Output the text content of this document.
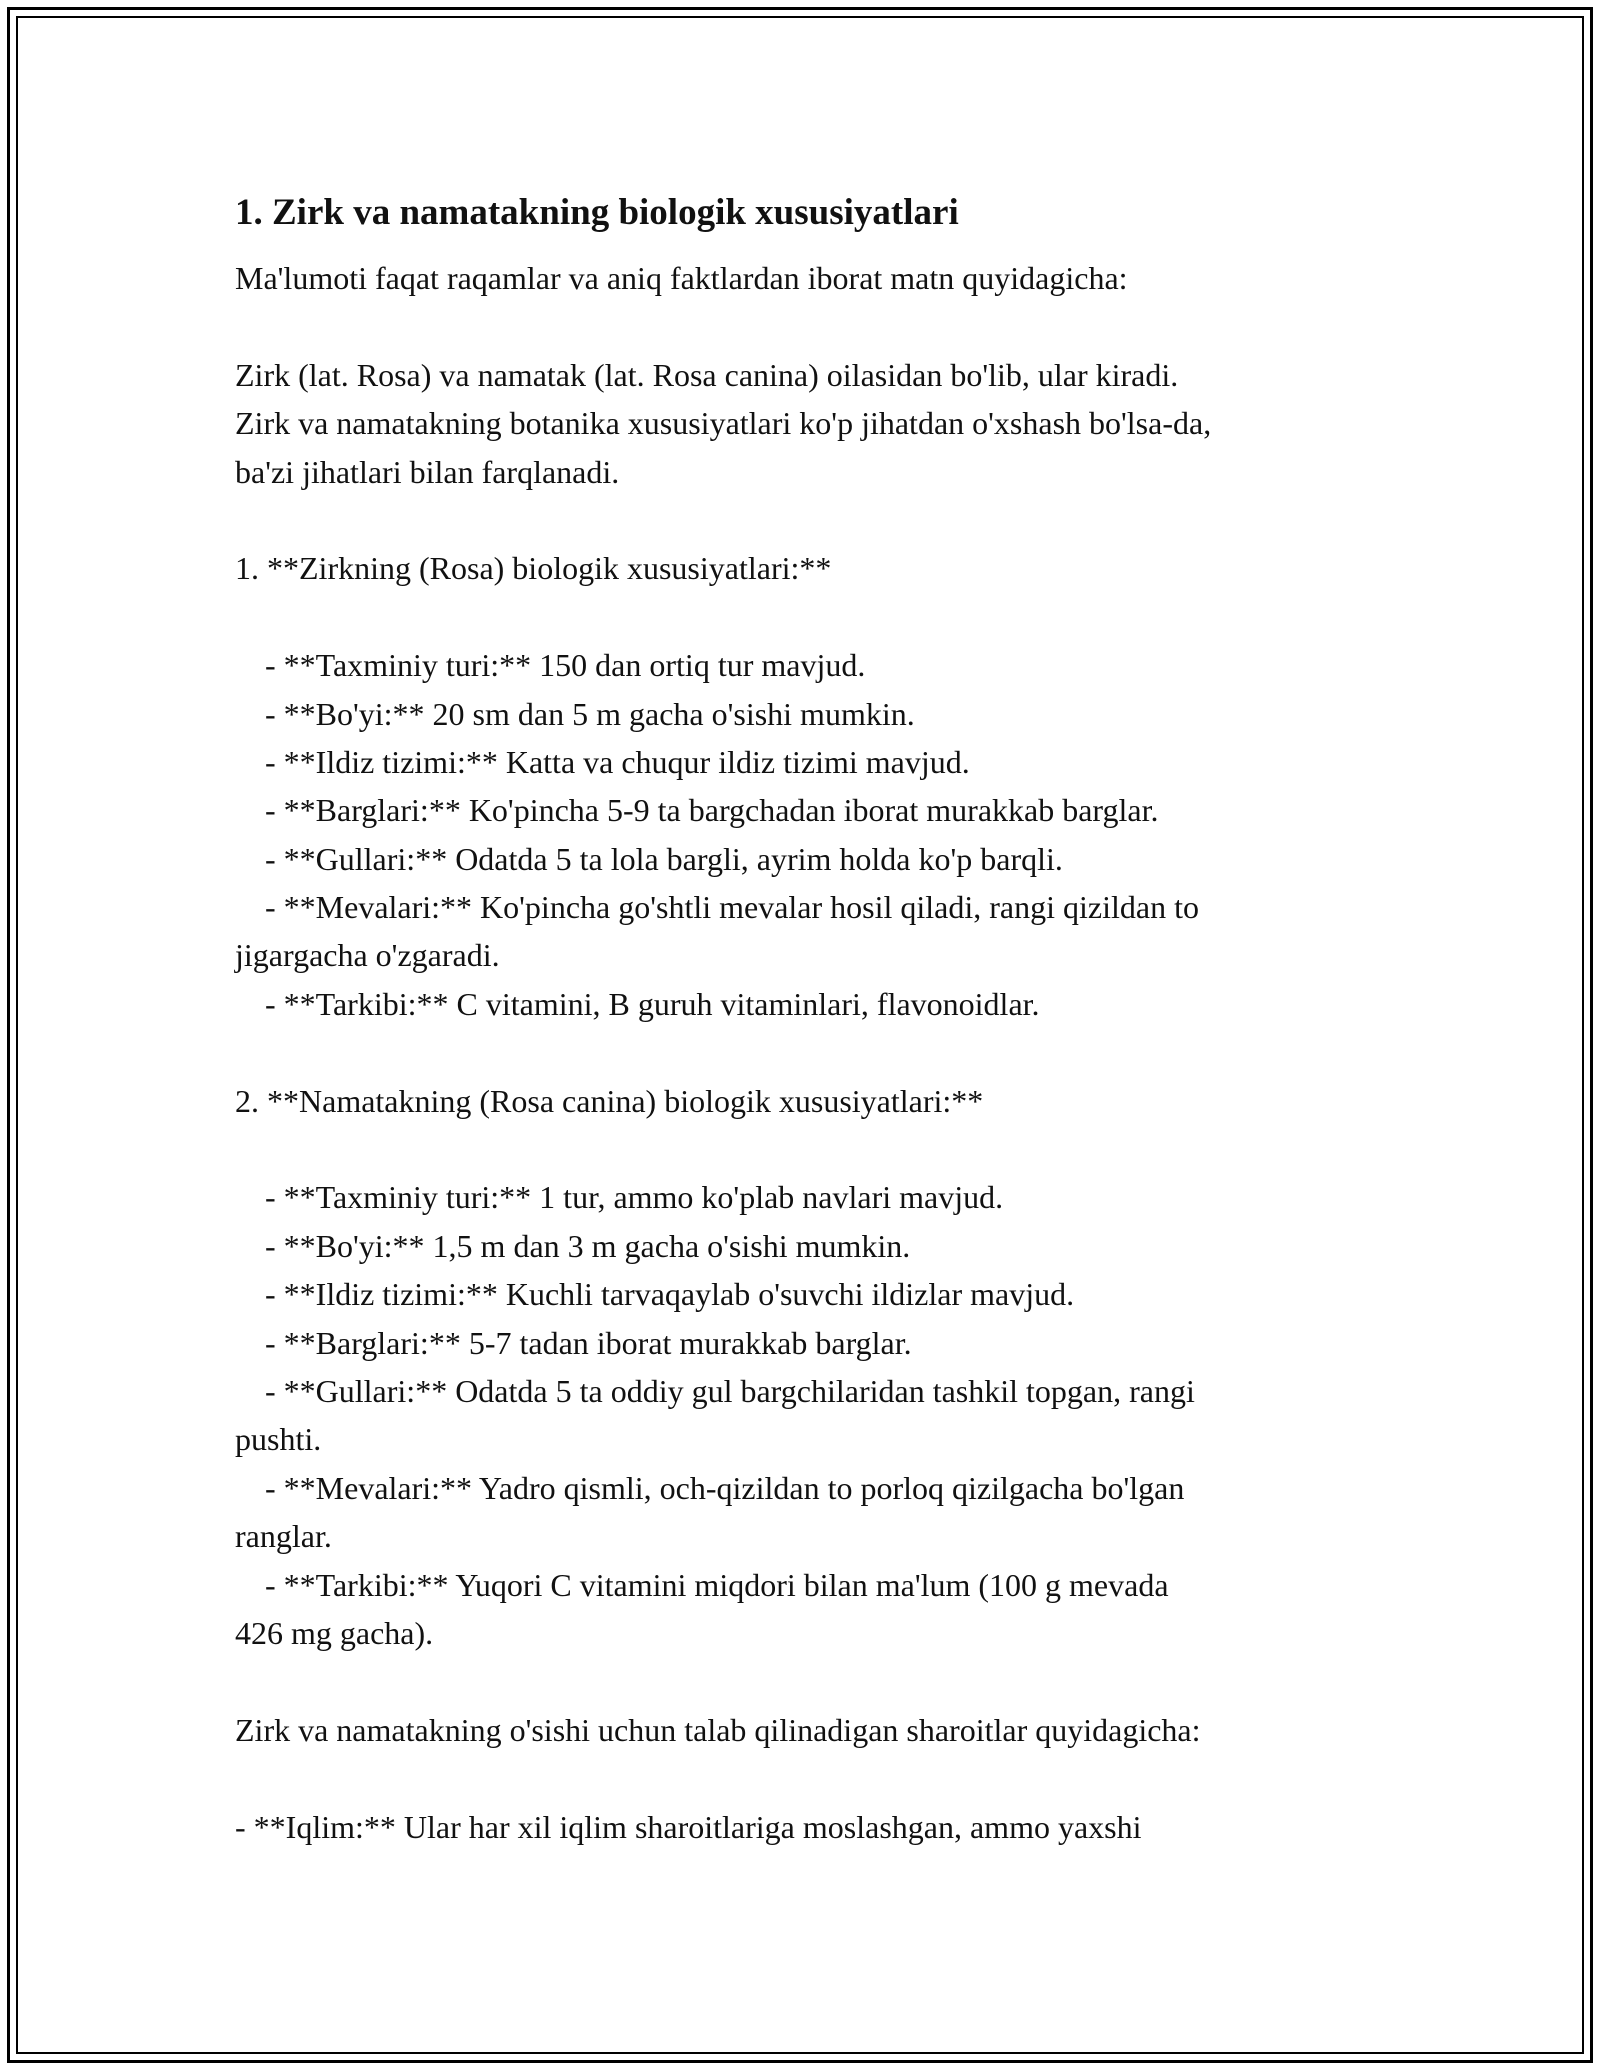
1. Zirk va namatakning biologik xususiyatlari
Ma'lumoti faqat raqamlar va aniq faktlardan iborat matn quyidagicha:
Zirk (lat. Rosa) va namatak (lat. Rosa canina) oilasidan bo'lib, ular kiradi.
Zirk va namatakning botanika xususiyatlari ko'p jihatdan o'xshash bo'lsa-da,
ba'zi jihatlari bilan farqlanadi.
1. **Zirkning (Rosa) biologik xususiyatlari:**
- **Taxminiy turi:** 150 dan ortiq tur mavjud.
- **Bo'yi:** 20 sm dan 5 m gacha o'sishi mumkin.
- **Ildiz tizimi:** Katta va chuqur ildiz tizimi mavjud.
- **Barglari:** Ko'pincha 5-9 ta bargchadan iborat murakkab barglar.
- **Gullari:** Odatda 5 ta lola bargli, ayrim holda ko'p barqli.
- **Mevalari:** Ko'pincha go'shtli mevalar hosil qiladi, rangi qizildan to
jigargacha o'zgaradi.
- **Tarkibi:** C vitamini, B guruh vitaminlari, flavonoidlar.
2. **Namatakning (Rosa canina) biologik xususiyatlari:**
- **Taxminiy turi:** 1 tur, ammo ko'plab navlari mavjud.
- **Bo'yi:** 1,5 m dan 3 m gacha o'sishi mumkin.
- **Ildiz tizimi:** Kuchli tarvaqaylab o'suvchi ildizlar mavjud.
- **Barglari:** 5-7 tadan iborat murakkab barglar.
- **Gullari:** Odatda 5 ta oddiy gul bargchilaridan tashkil topgan, rangi
pushti.
- **Mevalari:** Yadro qismli, och-qizildan to porloq qizilgacha bo'lgan
ranglar.
- **Tarkibi:** Yuqori C vitamini miqdori bilan ma'lum (100 g mevada
426 mg gacha).
Zirk va namatakning o'sishi uchun talab qilinadigan sharoitlar quyidagicha:
- **Iqlim:** Ular har xil iqlim sharoitlariga moslashgan, ammo yaxshi
